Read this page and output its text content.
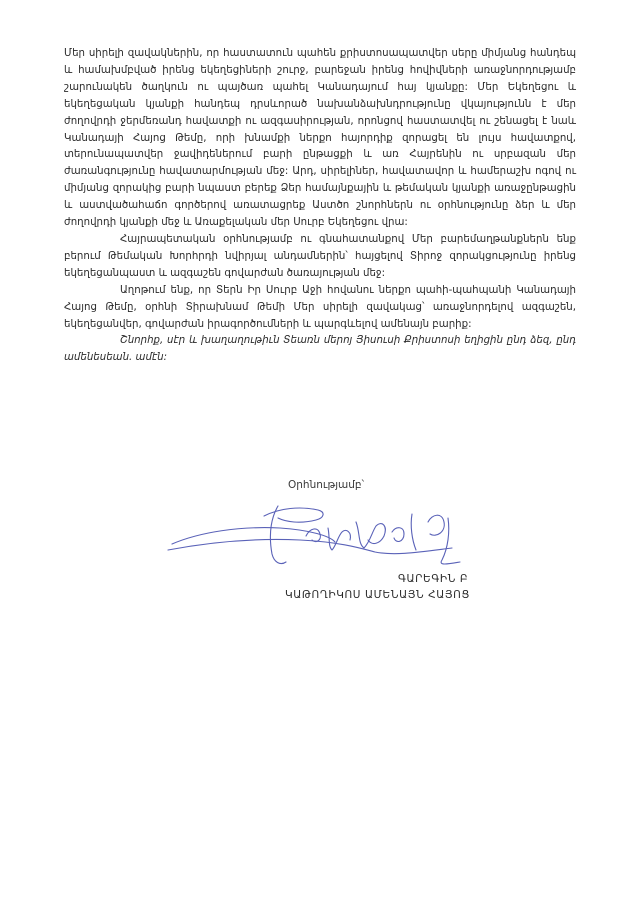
Մեր սիրելի զավակներին, որ հաստատուն պահեն քրիստոսապատվեր սերը միմյանց հանդեպ և համախմբված իրենց եկեղեցիների շուրջ, բարեջան իրենց հովիվների առաջնորդությամբ շարունակեն ծաղկուն ու պայծառ պահել Կանադայում հայ կյանքը: Մեր Եկեղեցու և եկեղեցական կյանքի հանդեպ դրսևորած նախանձախնդրությունը վկայությունն է մեր ժողովրդի ջերմեռանդ հավատքի ու ազգասիրության, որոնցով հաստատվել ու շենացել է նաև Կանադայի Հայոց Թեմը, որի խնամքի ներքո հայորդիք զորացել են լույս հավատքով, տերունապատվեր ջավիդեներում բարի ընթացքի և առ Հայրենին ու սրբազան մեր ժառանգությունը հավատարմության մեջ: Արդ, սիրելիներ, հավատավոր և համերաշխ ոգով ու միմյանց զորակից բարի նպաստ բերեք Ձեր համայնքային և թեմական կյանքի առաջընթացին և աստվածահաճո գործերով առատացրեք Աստծո շնորհներն ու օրհնությունը ձեր և մեր ժողովրդի կյանքի մեջ և Առաքելական մեր Սուրբ Եկեղեցու վրա:

Հայրապետական օրհնությամբ ու գնահատանքով Մեր բարեմաղթանքներն ենք բերում Թեմական Խորհրդի նվիրյալ անդամներին՝ հայցելով Տիրոջ զորակցությունը իրենց եկեղեցանպաստ և ազգաշեն գովարժան ծառայության մեջ:

Աղոթում ենք, որ Տերն Իր Սուրբ Աջի հովանու ներքո պահի-պահպանի Կանադայի Հայոց Թեմը, օրհնի Տիրախնամ Թեմի Մեր սիրելի զավակաց՝ առաջնորդելով ազգաշեն, եկեղեցանվեր, գովարժան իրագործումների և պարգևելով ամենայն բարիք:

Շնորհք, սէր և խաղաղութիւն Տեառն մերոյ Յիսուսի Քրիստոսի եղիցին ընդ ձեզ, ընդ ամենեսեան. ամէն:

Օրհնությամբ՝
ԳԱՐԵԳԻՆ Բ
ԿԱԹՈՂԻԿՈՍ ԱՄԵՆԱՅՆ ՀԱՅՈՑ
